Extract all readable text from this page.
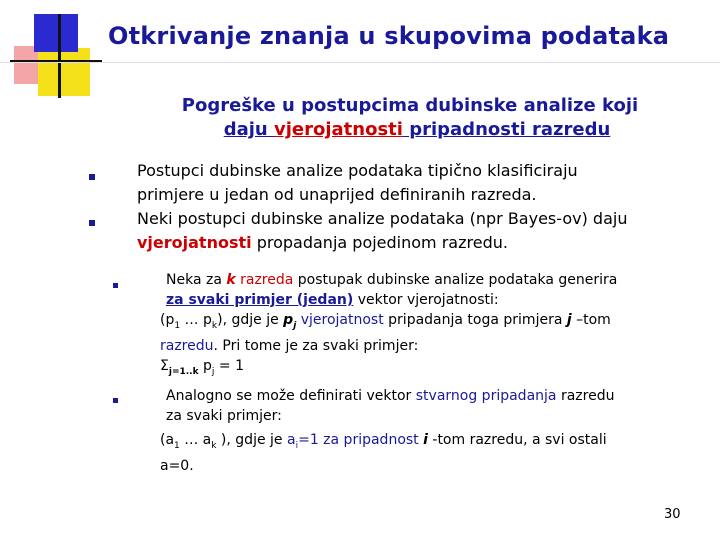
Otkrivanje znanja u skupovima podataka
Pogreške u postupcima dubinske analize koji
daju vjerojatnosti pripadnosti razredu
Postupci dubinske analize podataka tipično klasificiraju
primjere u jedan od unaprijed definiranih razreda.
Neki postupci dubinske analize podataka (npr Bayes-ov) daju
vjerojatnosti propadanja pojedinom razredu.
Neka za k razreda postupak dubinske analize podataka generira
za svaki primjer (jedan) vektor vjerojatnosti:
($p_1$ … $p_k$), gdje je $p_j$ vjerojatnost pripadanja toga primjera j –tom
razredu. Pri tome je za svaki primjer:
$\Sigma_{j=1..k}$ $p_j = 1$
Analogno se može definirati vektor stvarnog pripadanja razredu
za svaki primjer:
($a_1$ … $a_k$ ), gdje je $a_i=1$ za pripadnost i -tom razredu, a svi ostali
a=0.
30
